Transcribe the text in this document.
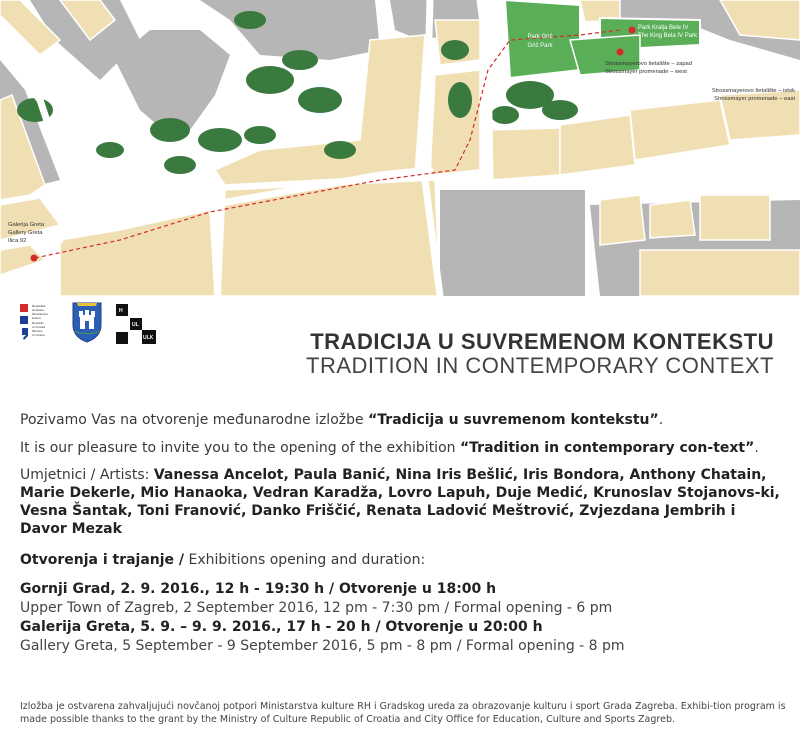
Park Grič
Grič Park
Park Kralja Bele IV
The King Bela IV Park
Strossmayerovo šetalište – zapad
Strossmayer promenade – west
Strossmayerovo šetalište – istok
Strossmayer promenade – east
Galerija Greta
Gallery Greta
Ilica 92
Republika
Hrvatska
Ministarstvo
kulture
Republic
of Croatia
Ministry
of Culture
H
UL
ULK	TRADICIJA U SUVREMENOM KONTEKSTU
TRADITION IN CONTEMPORARY CONTEXT

Pozivamo Vas na otvorenje međunarodne izložbe “Tradicija u suvremenom kontekstu”.

It is our pleasure to invite you to the opening of the exhibition “Tradition in contemporary con-text”.

Umjetnici / Artists: Vanessa Ancelot, Paula Banić, Nina Iris Bešlić, Iris Bondora, Anthony Chatain, Marie Dekerle, Mio Hanaoka, Vedran Karadža, Lovro Lapuh, Duje Medić, Krunoslav Stojanovs-ki, Vesna Šantak, Toni Franović, Danko Friščić, Renata Ladović Meštrović, Zvjezdana Jembrih i Davor Mezak

Otvorenja i trajanje / Exhibitions opening and duration:

Gornji Grad, 2. 9. 2016., 12 h - 19:30 h / Otvorenje u 18:00 h
Upper Town of Zagreb, 2 September 2016, 12 pm - 7:30 pm / Formal opening - 6 pm
Galerija Greta, 5. 9. – 9. 9. 2016., 17 h - 20 h / Otvorenje u 20:00 h
Gallery Greta, 5 September - 9 September 2016, 5 pm - 8 pm / Formal opening - 8 pm
Izložba je ostvarena zahvaljujući novčanoj potpori Ministarstva kulture RH i Gradskog ureda za obrazovanje kulturu i sport Grada Zagreba. Exhibi-tion program is made possible thanks to the grant by the Ministry of Culture Republic of Croatia and City Office for Education, Culture and Sports Zagreb.
